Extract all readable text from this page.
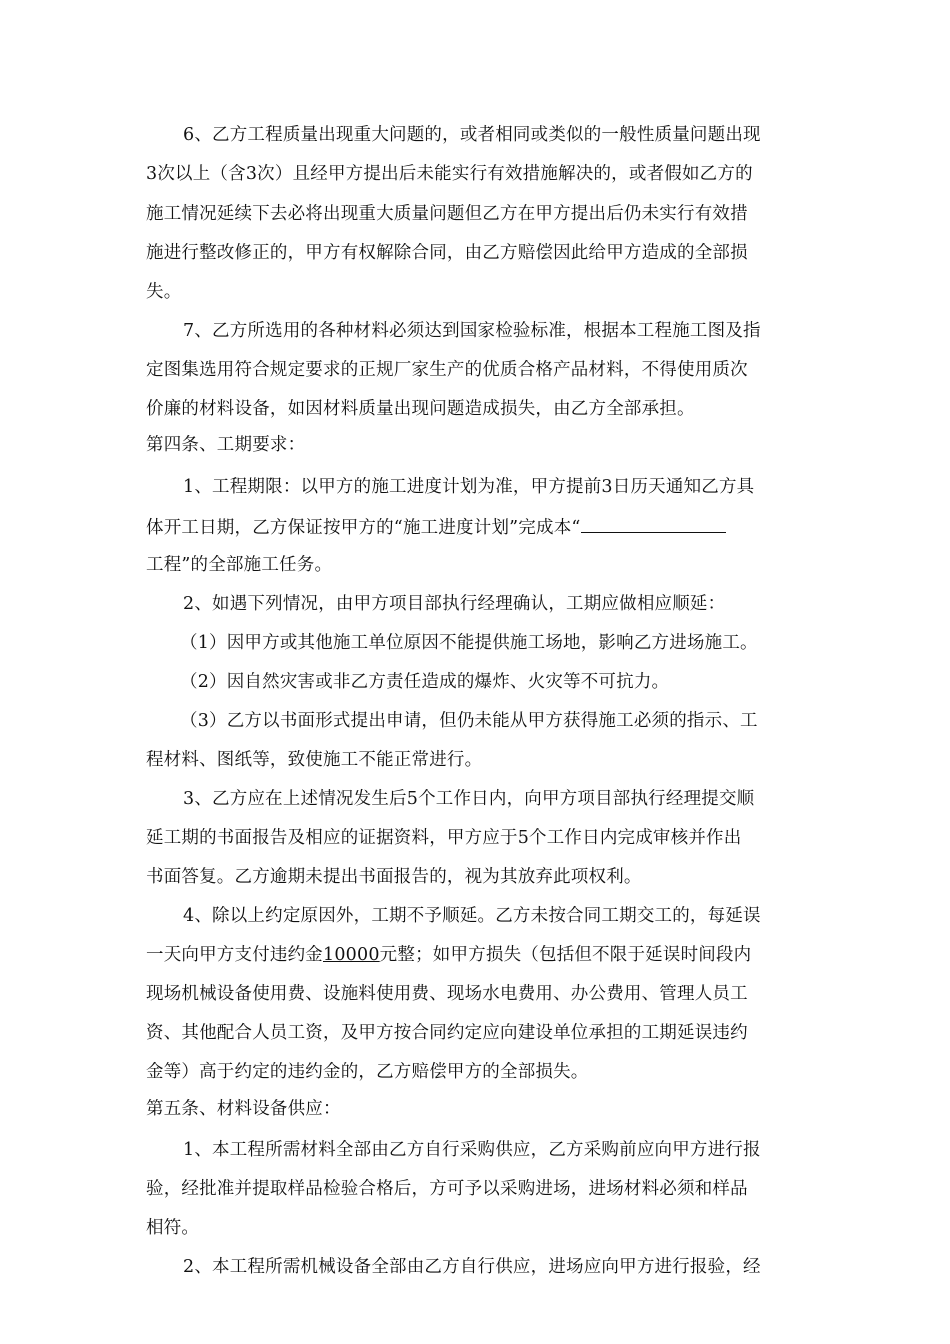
6、乙方工程质量出现重大问题的，或者相同或类似的一般性质量问题出现
3次以上（含3次）且经甲方提出后未能实行有效措施解决的，或者假如乙方的
施工情况延续下去必将出现重大质量问题但乙方在甲方提出后仍未实行有效措
施进行整改修正的，甲方有权解除合同，由乙方赔偿因此给甲方造成的全部损
失。
7、乙方所选用的各种材料必须达到国家检验标准，根据本工程施工图及指
定图集选用符合规定要求的正规厂家生产的优质合格产品材料，不得使用质次
价廉的材料设备，如因材料质量出现问题造成损失，由乙方全部承担。
第四条、工期要求：
1、工程期限：以甲方的施工进度计划为准，甲方提前3日历天通知乙方具
体开工日期，乙方保证按甲方的“施工进度计划”完成本“
工程”的全部施工任务。
2、如遇下列情况，由甲方项目部执行经理确认，工期应做相应顺延：
（1）因甲方或其他施工单位原因不能提供施工场地，影响乙方进场施工。
（2）因自然灾害或非乙方责任造成的爆炸、火灾等不可抗力。
（3）乙方以书面形式提出申请，但仍未能从甲方获得施工必须的指示、工
程材料、图纸等，致使施工不能正常进行。
3、乙方应在上述情况发生后5个工作日内，向甲方项目部执行经理提交顺
延工期的书面报告及相应的证据资料，甲方应于5个工作日内完成审核并作出
书面答复。乙方逾期未提出书面报告的，视为其放弃此项权利。
4、除以上约定原因外，工期不予顺延。乙方未按合同工期交工的，每延误
一天向甲方支付违约金10000元整；如甲方损失（包括但不限于延误时间段内
现场机械设备使用费、设施料使用费、现场水电费用、办公费用、管理人员工
资、其他配合人员工资，及甲方按合同约定应向建设单位承担的工期延误违约
金等）高于约定的违约金的，乙方赔偿甲方的全部损失。
第五条、材料设备供应：
1、本工程所需材料全部由乙方自行采购供应，乙方采购前应向甲方进行报
验，经批准并提取样品检验合格后，方可予以采购进场，进场材料必须和样品
相符。
2、本工程所需机械设备全部由乙方自行供应，进场应向甲方进行报验，经
